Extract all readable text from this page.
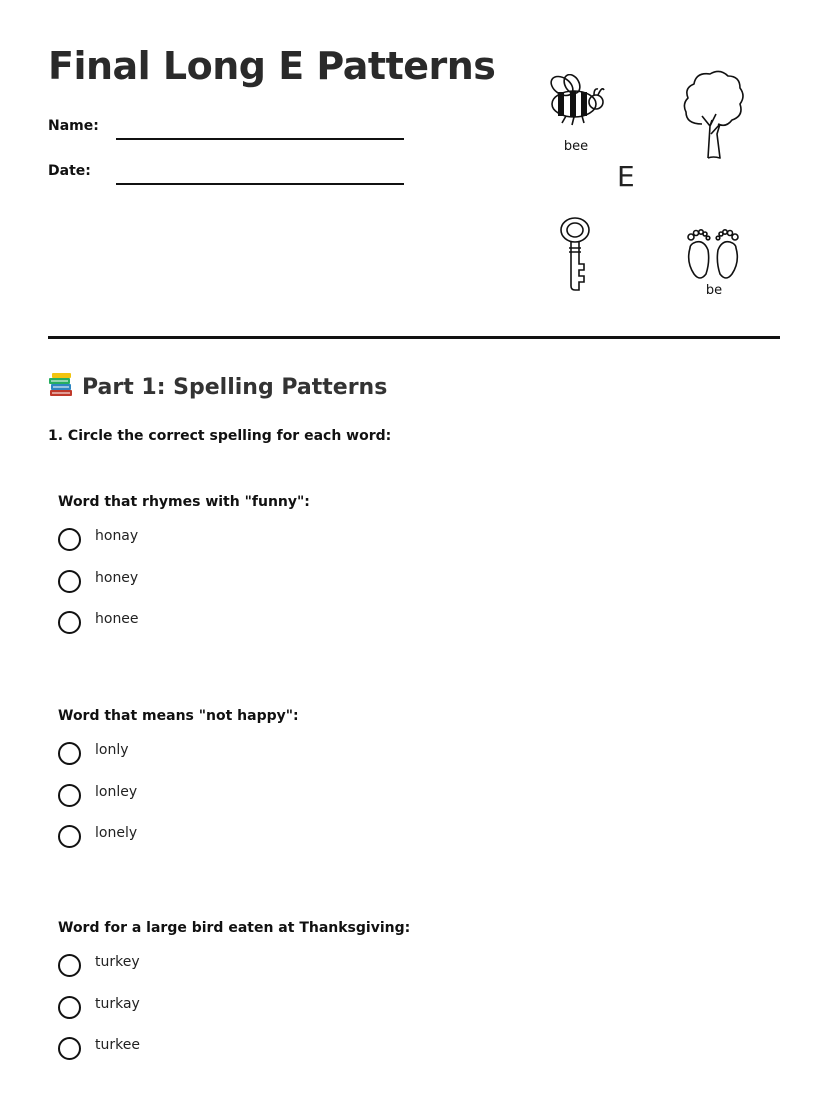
Final Long E Patterns
Name:
Date:
bee
E
be
Part 1: Spelling Patterns
1. Circle the correct spelling for each word:
Word that rhymes with "funny":
honay
honey
honee
Word that means "not happy":
lonly
lonley
lonely
Word for a large bird eaten at Thanksgiving:
turkey
turkay
turkee
